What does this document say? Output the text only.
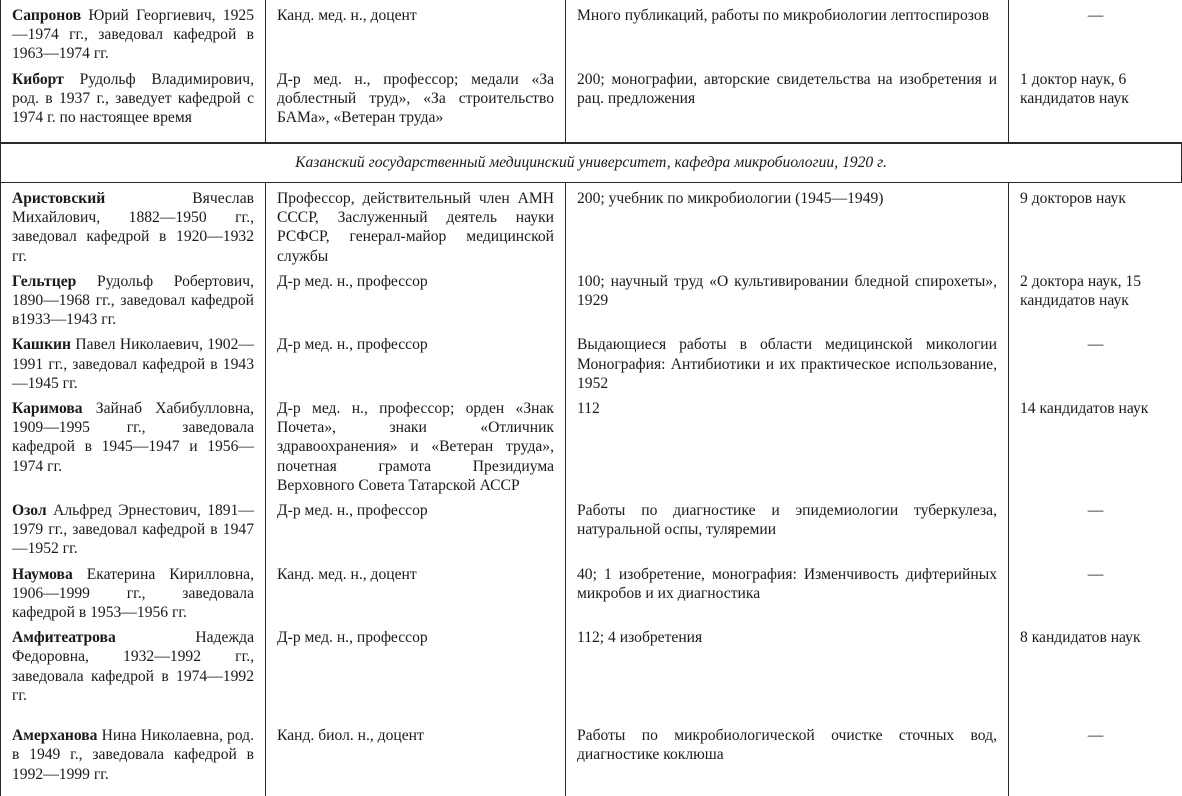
Сапронов Юрий Георгиевич, 1925—1974 гг., заведовал кафедрой в 1963—1974 гг.	Канд. мед. н., доцент	Много публикаций, работы по микробиологии лептоспирозов	—

Киборт Рудольф Владимирович, род. в 1937 г., заведует кафедрой с 1974 г. по настоящее время	Д-р мед. н., профессор; медали «За доблестный труд», «За строительство БАМа», «Ветеран труда»	200; монографии, авторские свидетельства на изобретения и рац. предложения	1 доктор наук, 6 кандидатов наук
Казанский государственный медицинский университет, кафедра микробиологии, 1920 г.
Аристовский Вячеслав Михайлович, 1882—1950 гг., заведовал кафедрой в 1920—1932 гг.	Профессор, действительный член АМН СССР, Заслуженный деятель науки РСФСР, генерал-майор медицинской службы	200; учебник по микробиологии (1945—1949)	9 докторов наук
Гельтцер Рудольф Робертович, 1890—1968 гг., заведовал кафедрой в1933—1943 гг.	Д-р мед. н., профессор	100; научный труд «О культивировании бледной спирохеты», 1929	2 доктора наук, 15 кандидатов наук
Кашкин Павел Николаевич, 1902—1991 гг., заведовал кафедрой в 1943—1945 гг.	Д-р мед. н., профессор	Выдающиеся работы в области медицинской микологии Монография: Антибиотики и их практическое использование, 1952	—

Каримова Зайнаб Хабибулловна, 1909—1995 гг., заведовала кафедрой в 1945—1947 и 1956—1974 гг.	Д-р мед. н., профессор; орден «Знак Почета», знаки «Отличник здравоохранения» и «Ветеран труда», почетная грамота Президиума Верховного Совета Татарской АССР	112	14 кандидатов наук
Озол Альфред Эрнестович, 1891—1979 гг., заведовал кафедрой в 1947—1952 гг.	Д-р мед. н., профессор	Работы по диагностике и эпидемиологии туберкулеза, натуральной оспы, туляремии	—

Наумова Екатерина Кирилловна, 1906—1999 гг., заведовала кафедрой в 1953—1956 гг.	Канд. мед. н., доцент	40; 1 изобретение, монография: Изменчивость дифтерийных микробов и их диагностика	—

Амфитеатрова Надежда Федоровна, 1932—1992 гг., заведовала кафедрой в 1974—1992 гг.	Д-р мед. н., профессор	112; 4 изобретения	8 кандидатов наук
Амерханова Нина Николаевна, род. в 1949 г., заведовала кафедрой в 1992—1999 гг.	Канд. биол. н., доцент	Работы по микробиологической очистке сточных вод, диагностике коклюша	—
